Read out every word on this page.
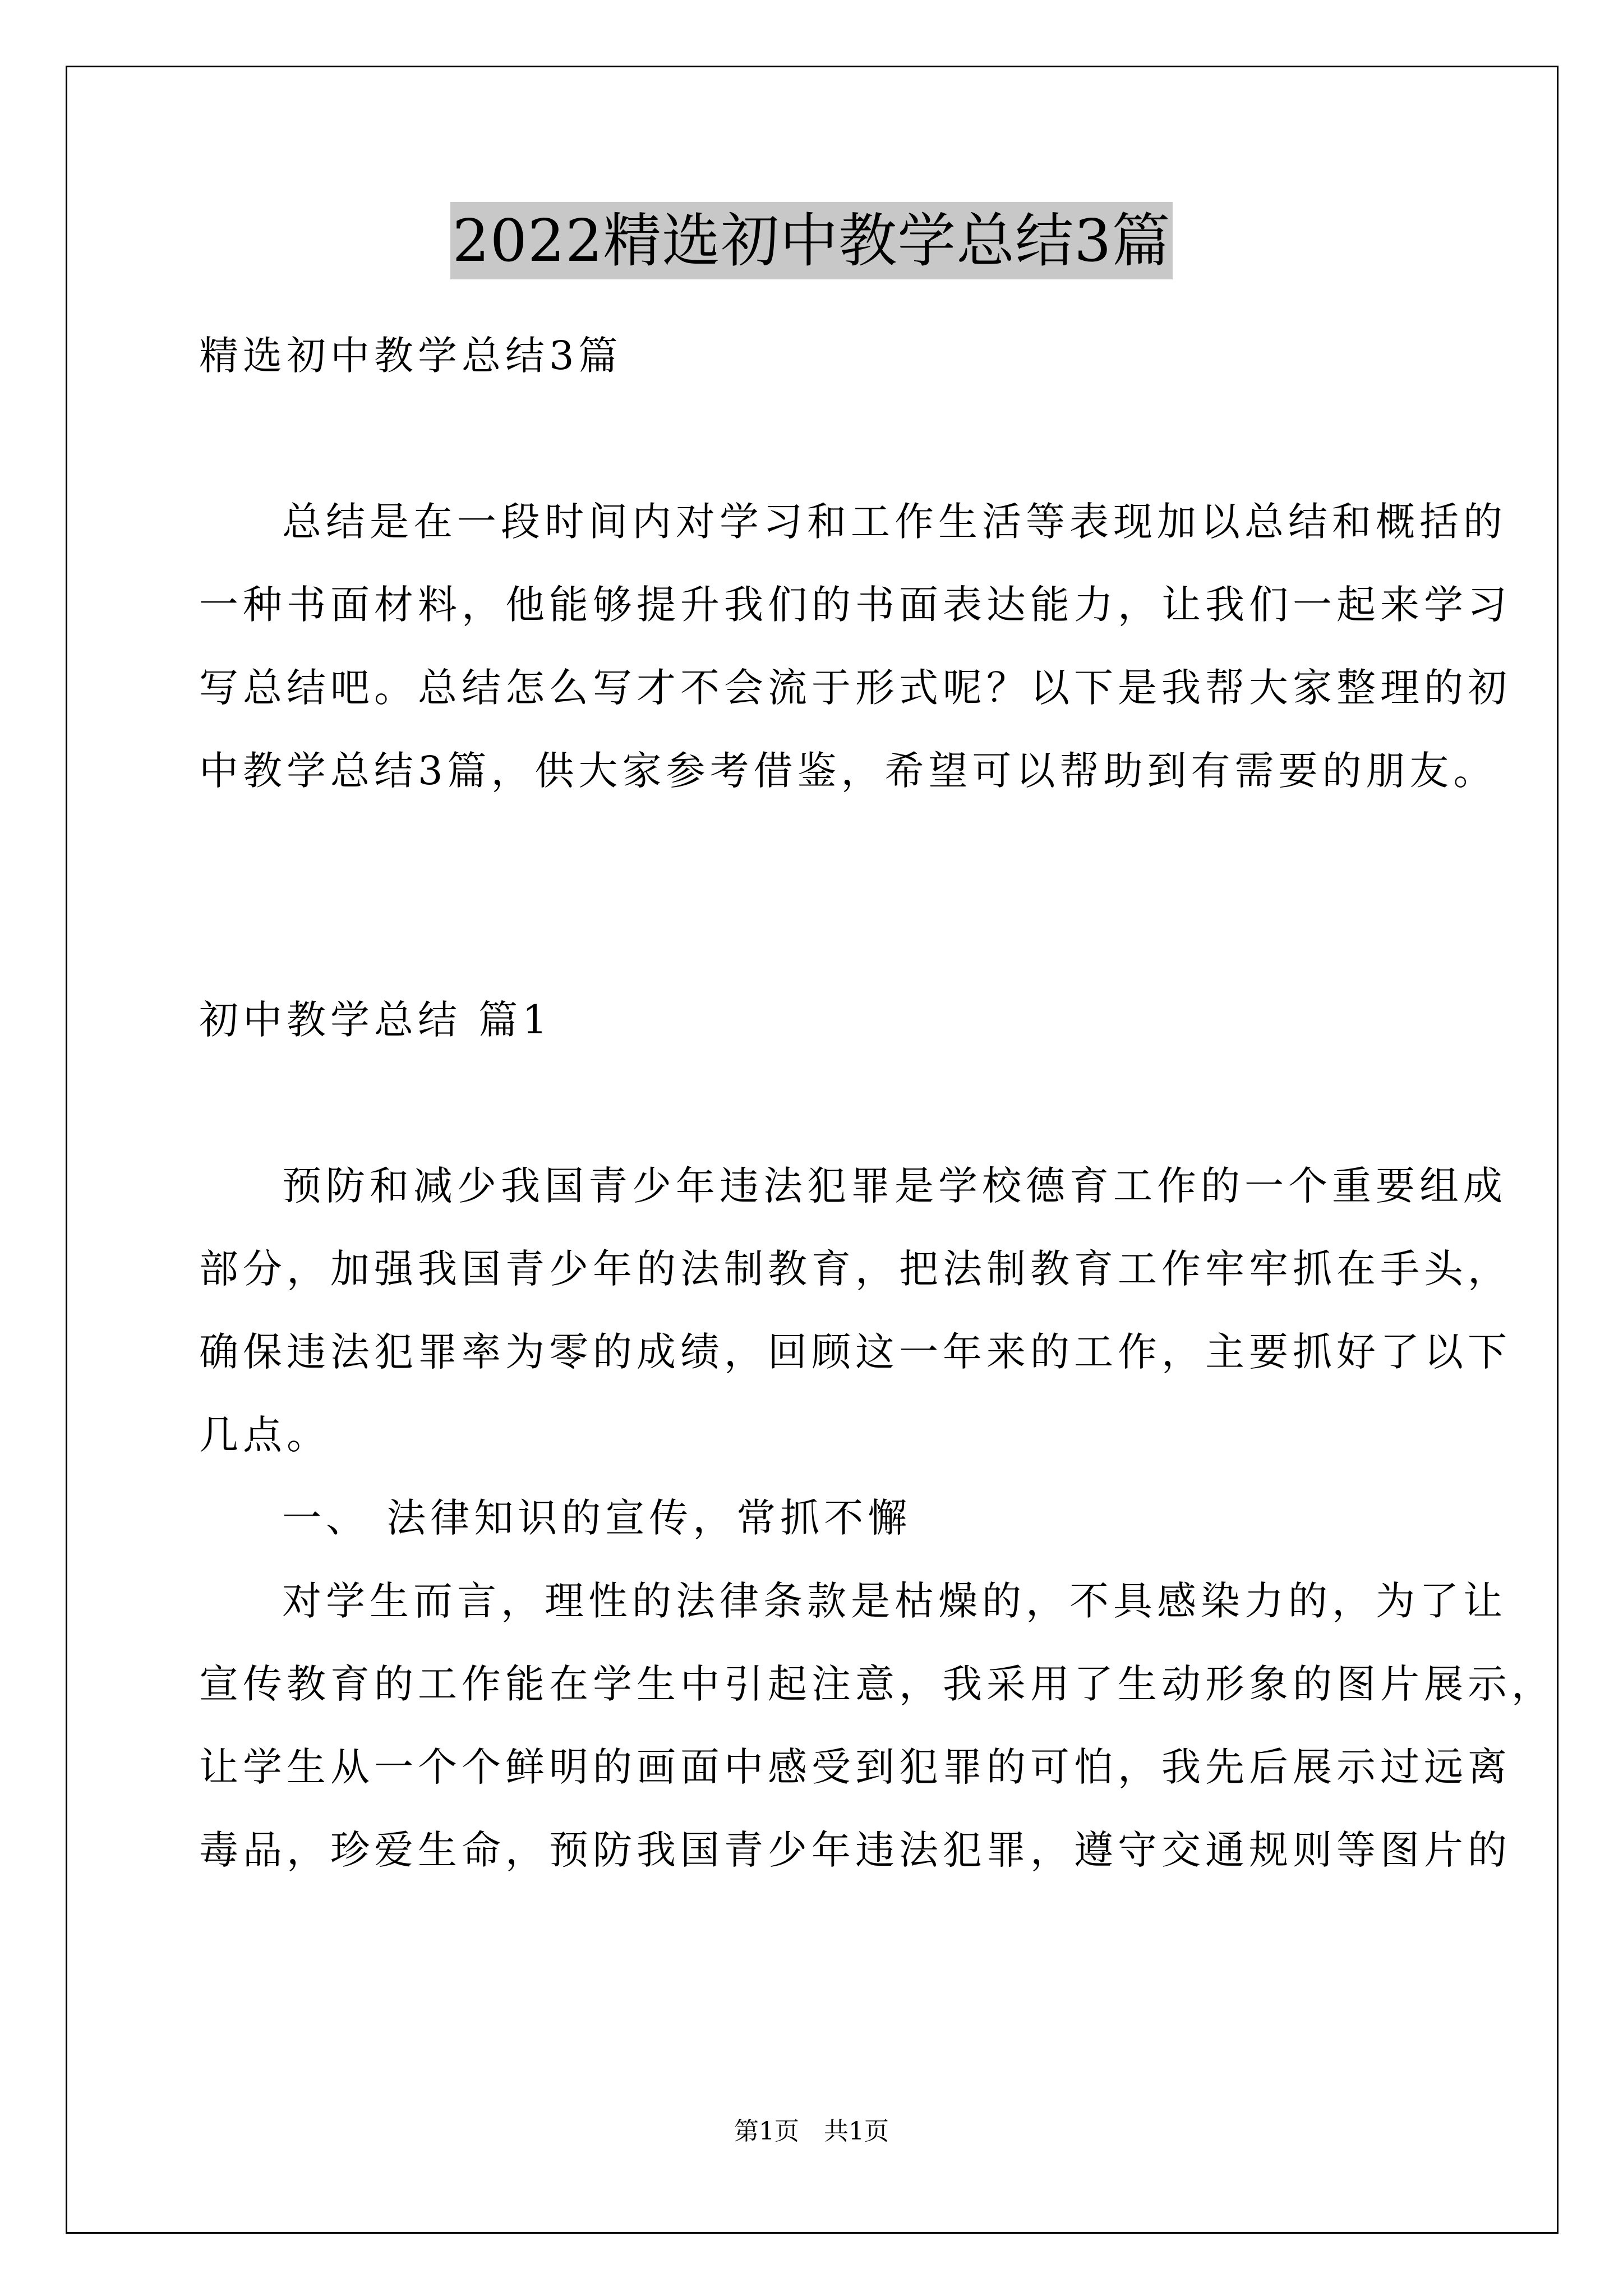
2022精选初中教学总结3篇

精选初中教学总结3篇

总结是在一段时间内对学习和工作生活等表现加以总结和概括的

一种书面材料，他能够提升我们的书面表达能力，让我们一起来学习

写总结吧。总结怎么写才不会流于形式呢？以下是我帮大家整理的初

中教学总结3篇，供大家参考借鉴，希望可以帮助到有需要的朋友。

初中教学总结 篇1

预防和减少我国青少年违法犯罪是学校德育工作的一个重要组成

部分，加强我国青少年的法制教育，把法制教育工作牢牢抓在手头，

确保违法犯罪率为零的成绩，回顾这一年来的工作，主要抓好了以下

几点。

一、 法律知识的宣传，常抓不懈

对学生而言，理性的法律条款是枯燥的，不具感染力的，为了让

宣传教育的工作能在学生中引起注意，我采用了生动形象的图片展示，

让学生从一个个鲜明的画面中感受到犯罪的可怕，我先后展示过远离

毒品，珍爱生命，预防我国青少年违法犯罪，遵守交通规则等图片的

第1页　共1页
